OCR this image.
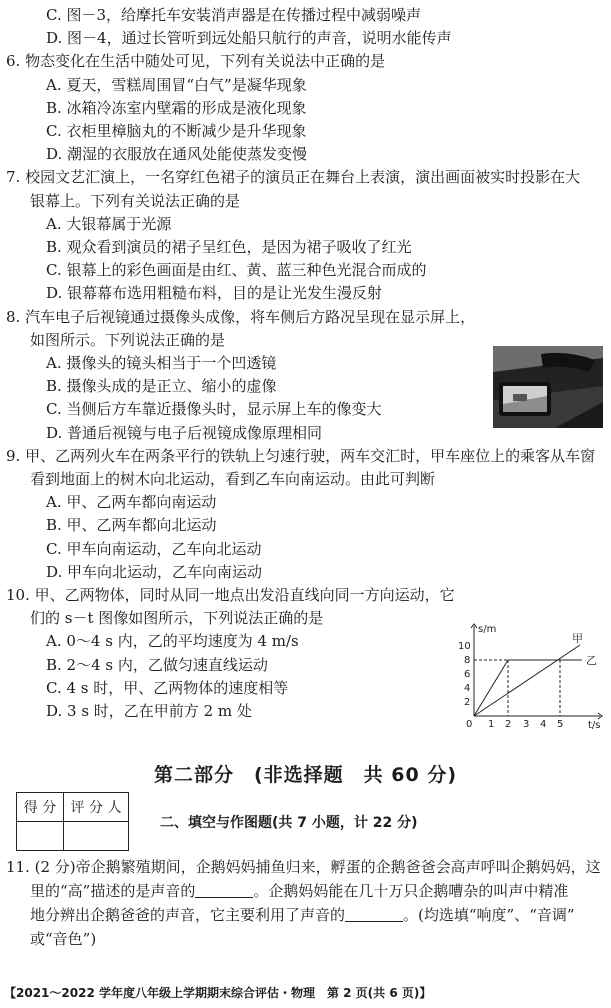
C. 图－3，给摩托车安装消声器是在传播过程中减弱噪声
D. 图－4，通过长管听到远处船只航行的声音，说明水能传声
6. 物态变化在生活中随处可见，下列有关说法中正确的是
A. 夏天，雪糕周围冒“白气”是凝华现象
B. 冰箱冷冻室内壁霜的形成是液化现象
C. 衣柜里樟脑丸的不断减少是升华现象
D. 潮湿的衣服放在通风处能使蒸发变慢
7. 校园文艺汇演上，一名穿红色裙子的演员正在舞台上表演，演出画面被实时投影在大
银幕上。下列有关说法正确的是
A. 大银幕属于光源
B. 观众看到演员的裙子呈红色，是因为裙子吸收了红光
C. 银幕上的彩色画面是由红、黄、蓝三种色光混合而成的
D. 银幕幕布选用粗糙布料，目的是让光发生漫反射
8. 汽车电子后视镜通过摄像头成像，将车侧后方路况呈现在显示屏上，
如图所示。下列说法正确的是
A. 摄像头的镜头相当于一个凹透镜
B. 摄像头成的是正立、缩小的虚像
C. 当侧后方车靠近摄像头时，显示屏上车的像变大
D. 普通后视镜与电子后视镜成像原理相同
9. 甲、乙两列火车在两条平行的铁轨上匀速行驶，两车交汇时，甲车座位上的乘客从车窗
看到地面上的树木向北运动，看到乙车向南运动。由此可判断
A. 甲、乙两车都向南运动
B. 甲、乙两车都向北运动
C. 甲车向南运动，乙车向北运动
D. 甲车向北运动，乙车向南运动
10. 甲、乙两物体，同时从同一地点出发沿直线向同一方向运动，它
们的 s－t 图像如图所示，下列说法正确的是
A. 0～4 s 内，乙的平均速度为 4 m/s
B. 2～4 s 内，乙做匀速直线运动
C. 4 s 时，甲、乙两物体的速度相等
D. 3 s 时，乙在甲前方 2 m 处
s/m
t/s
0
2
4
6
8
10
1 2 3 4 5
甲
乙
第二部分　(非选择题　共 60 分)
得 分	评 分 人

二、填空与作图题(共 7 小题，计 22 分)
11. (2 分)帝企鹅繁殖期间，企鹅妈妈捕鱼归来，孵蛋的企鹅爸爸会高声呼叫企鹅妈妈，这
里的“高”描述的是声音的	。企鹅妈妈能在几十万只企鹅嘈杂的叫声中精准
地分辨出企鹅爸爸的声音，它主要利用了声音的	。(均选填“响度”、“音调”
或“音色”)
【2021～2022 学年度八年级上学期期末综合评估・物理　第 2 页(共 6 页)】
